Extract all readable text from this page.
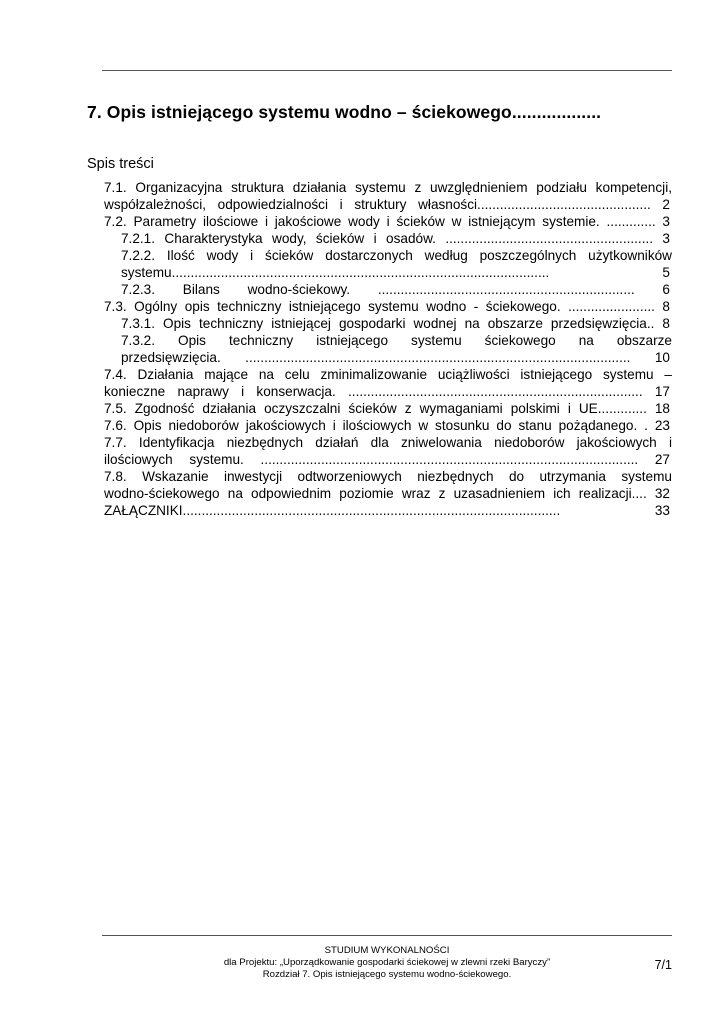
7. Opis istniejącego systemu wodno – ściekowego..................
Spis treści
7.1. Organizacyjna struktura działania systemu z uwzględnieniem podziału kompetencji,
współzależności, odpowiedzialności i struktury własności.............................................. 2
7.2. Parametry ilościowe i jakościowe wody i ścieków w istniejącym systemie. ............. 3
7.2.1. Charakterystyka wody, ścieków i osadów. ....................................................... 3
7.2.2. Ilość wody i ścieków dostarczonych według poszczególnych użytkowników
systemu.................................................................................................... 5
7.2.3. Bilans wodno-ściekowy. .................................................................... 6
7.3. Ogólny opis techniczny istniejącego systemu wodno - ściekowego. ....................... 8
7.3.1. Opis techniczny istniejącej gospodarki wodnej na obszarze przedsięwzięcia.. 8
7.3.2. Opis techniczny istniejącego systemu ściekowego na obszarze
przedsięwzięcia. ...................................................................................................... 10
7.4. Działania mające na celu zminimalizowanie uciążliwości istniejącego systemu –
konieczne naprawy i konserwacja. .............................................................................. 17
7.5. Zgodność działania oczyszczalni ścieków z wymaganiami polskimi i UE............. 18
7.6. Opis niedoborów jakościowych i ilościowych w stosunku do stanu pożądanego. . 23
7.7. Identyfikacja niezbędnych działań dla zniwelowania niedoborów jakościowych i
ilościowych systemu. .................................................................................................... 27
7.8. Wskazanie inwestycji odtworzeniowych niezbędnych do utrzymania systemu
wodno-ściekowego na odpowiednim poziomie wraz z uzasadnieniem ich realizacji.... 32
ZAŁĄCZNIKI.................................................................................................... 33
STUDIUM WYKONALNOŚCI
dla Projektu: „Uporządkowanie gospodarki ściekowej w zlewni rzeki Baryczy”
Rozdział 7. Opis istniejącego systemu wodno-ściekowego.
7/1
